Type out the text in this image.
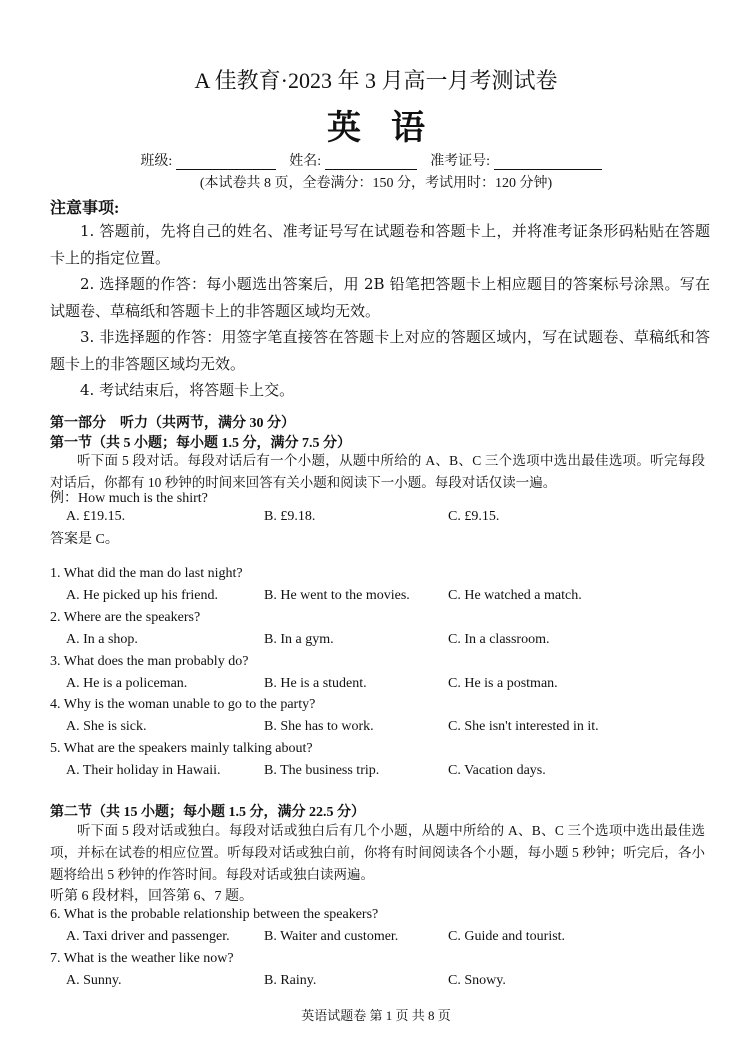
A 佳教育·2023 年 3 月高一月考测试卷
英语
班级:	姓名:	准考证号:
(本试卷共 8 页，全卷满分：150 分，考试用时：120 分钟)
注意事项:

1. 答题前，先将自己的姓名、准考证号写在试题卷和答题卡上，并将准考证条形码粘贴在答题卡上的指定位置。

2. 选择题的作答：每小题选出答案后，用 2B 铅笔把答题卡上相应题目的答案标号涂黑。写在试题卷、草稿纸和答题卡上的非答题区域均无效。

3. 非选择题的作答：用签字笔直接答在答题卡上对应的答题区域内，写在试题卷、草稿纸和答题卡上的非答题区域均无效。

4. 考试结束后，将答题卡上交。

第一部分　听力（共两节，满分 30 分）
第一节（共 5 小题；每小题 1.5 分，满分 7.5 分）

听下面 5 段对话。每段对话后有一个小题，从题中所给的 A、B、C 三个选项中选出最佳选项。听完每段对话后，你都有 10 秒钟的时间来回答有关小题和阅读下一小题。每段对话仅读一遍。

例：How much is the shirt?
A. £19.15.	B. £9.18.	C. £9.15.
答案是 C。
1. What did the man do last night?
A. He picked up his friend.	B. He went to the movies.	C. He watched a match.
2. Where are the speakers?
A. In a shop.	B. In a gym.	C. In a classroom.
3. What does the man probably do?
A. He is a policeman.	B. He is a student.	C. He is a postman.
4. Why is the woman unable to go to the party?
A. She is sick.	B. She has to work.	C. She isn't interested in it.
5. What are the speakers mainly talking about?
A. Their holiday in Hawaii.	B. The business trip.	C. Vacation days.
第二节（共 15 小题；每小题 1.5 分，满分 22.5 分）

听下面 5 段对话或独白。每段对话或独白后有几个小题，从题中所给的 A、B、C 三个选项中选出最佳选项，并标在试卷的相应位置。听每段对话或独白前，你将有时间阅读各个小题，每小题 5 秒钟；听完后，各小题将给出 5 秒钟的作答时间。每段对话或独白读两遍。

听第 6 段材料，回答第 6、7 题。
6. What is the probable relationship between the speakers?
A. Taxi driver and passenger. B. Waiter and customer.	C. Guide and tourist.
7. What is the weather like now?
A. Sunny.	B. Rainy.	C. Snowy.
英语试题卷 第 1 页 共 8 页
